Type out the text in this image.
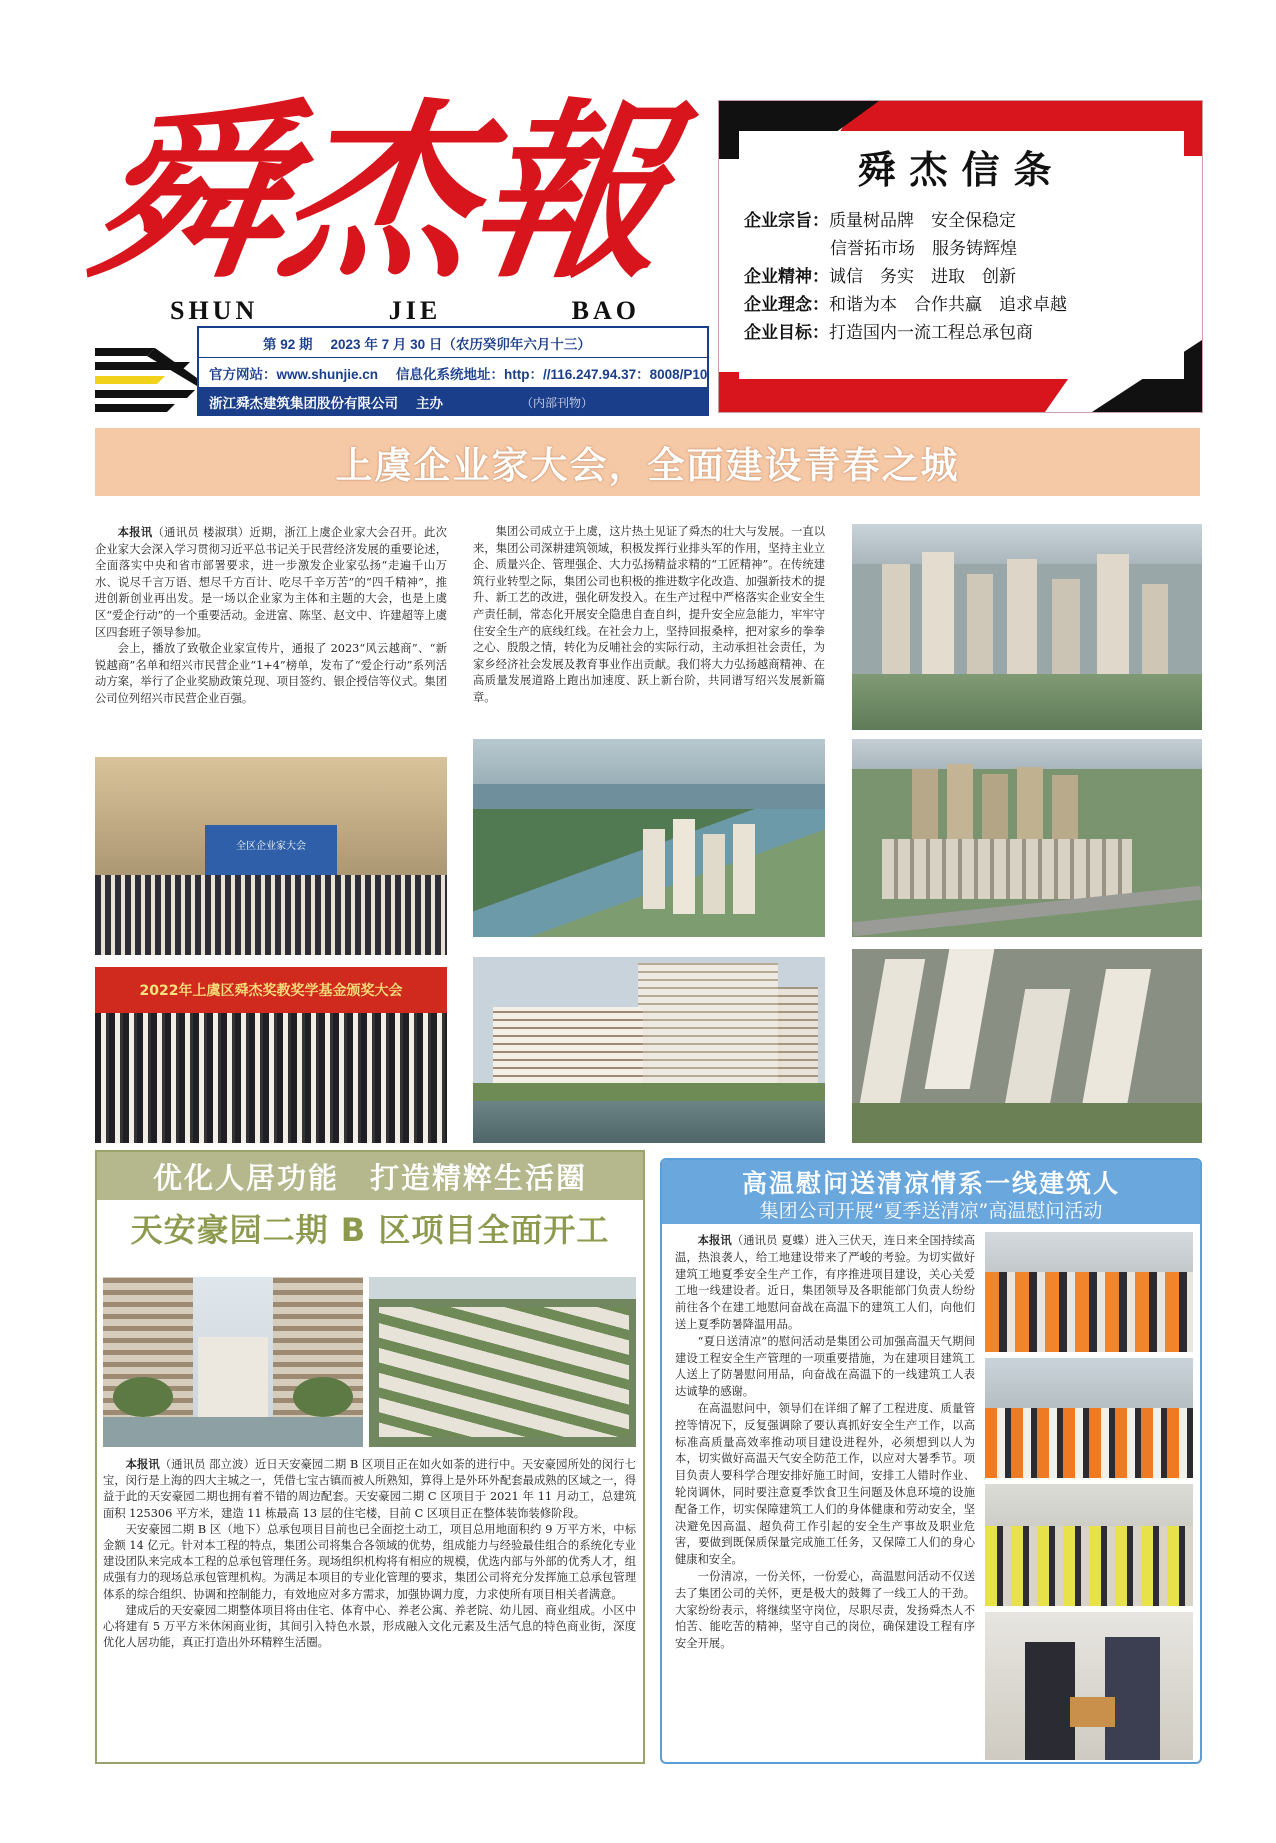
舜
杰
報
SHUN	JIE	BAO
第 92 期 2023 年 7 月 30 日（农历癸卯年六月十三）
官方网站：www.shunjie.cn 信息化系统地址：http：//116.247.94.37：8008/P10
浙江舜杰建筑集团股份有限公司 主办	（内部刊物）
舜杰信条
企业宗旨：质量树品牌　安全保稳定
信誉拓市场　服务铸辉煌
企业精神：诚信　务实　进取　创新
企业理念：和谐为本　合作共赢　追求卓越
企业目标：打造国内一流工程总承包商
上虞企业家大会，全面建设青春之城

本报讯（通讯员 楼淑琪）近期，浙江上虞企业家大会召开。此次企业家大会深入学习贯彻习近平总书记关于民营经济发展的重要论述，全面落实中央和省市部署要求，进一步激发企业家弘扬“走遍千山万水、说尽千言万语、想尽千方百计、吃尽千辛万苦”的“四千精神”，推进创新创业再出发。是一场以企业家为主体和主题的大会，也是上虞区“爱企行动”的一个重要活动。金进富、陈坚、赵文中、许建超等上虞区四套班子领导参加。

会上，播放了致敬企业家宣传片，通报了 2023“风云越商”、“新锐越商”名单和绍兴市民营企业“1+4”榜单，发布了“爱企行动”系列活动方案，举行了企业奖励政策兑现、项目签约、银企授信等仪式。集团公司位列绍兴市民营企业百强。

集团公司成立于上虞，这片热土见证了舜杰的壮大与发展。一直以来，集团公司深耕建筑领域，积极发挥行业排头军的作用，坚持主业立企、质量兴企、管理强企、大力弘扬精益求精的“工匠精神”。在传统建筑行业转型之际，集团公司也积极的推进数字化改造、加强新技术的提升、新工艺的改进，强化研发投入。在生产过程中严格落实企业安全生产责任制，常态化开展安全隐患自查自纠，提升安全应急能力，牢牢守住安全生产的底线红线。在社会力上，坚持回报桑梓，把对家乡的拳拳之心、殷殷之情，转化为反哺社会的实际行动，主动承担社会责任，为家乡经济社会发展及教育事业作出贡献。我们将大力弘扬越商精神、在高质量发展道路上跑出加速度、跃上新台阶，共同谱写绍兴发展新篇章。

全区企业家大会
2022年上虞区舜杰奖教奖学基金颁奖大会
优化人居功能　打造精粹生活圈
天安豪园二期 B 区项目全面开工

本报讯（通讯员 邵立波）近日天安豪园二期 B 区项目正在如火如荼的进行中。天安豪园所处的闵行七宝，闵行是上海的四大主城之一，凭借七宝古镇而被人所熟知，算得上是外环外配套最成熟的区域之一，得益于此的天安豪园二期也拥有着不错的周边配套。天安豪园二期 C 区项目于 2021 年 11 月动工，总建筑面积 125306 平方米，建造 11 栋最高 13 层的住宅楼，目前 C 区项目正在整体装饰装修阶段。

天安豪园二期 B 区（地下）总承包项目目前也已全面挖土动工，项目总用地面积约 9 万平方米，中标金额 14 亿元。针对本工程的特点，集团公司将集合各领域的优势，组成能力与经验最佳组合的系统化专业建设团队来完成本工程的总承包管理任务。现场组织机构将有相应的规模，优选内部与外部的优秀人才，组成强有力的现场总承包管理机构。为满足本项目的专业化管理的要求，集团公司将充分发挥施工总承包管理体系的综合组织、协调和控制能力，有效地应对多方需求，加强协调力度，力求使所有项目相关者满意。

建成后的天安豪园二期整体项目将由住宅、体育中心、养老公寓、养老院、幼儿园、商业组成。小区中心将建有 5 万平方米休闲商业街，其间引入特色水景，形成融入文化元素及生活气息的特色商业街，深度优化人居功能，真正打造出外环精粹生活圈。

高温慰问送清凉情系一线建筑人
集团公司开展“夏季送清凉”高温慰问活动

本报讯（通讯员 夏蝶）进入三伏天，连日来全国持续高温，热浪袭人，给工地建设带来了严峻的考验。为切实做好建筑工地夏季安全生产工作，有序推进项目建设，关心关爱工地一线建设者。近日，集团领导及各职能部门负责人纷纷前往各个在建工地慰问奋战在高温下的建筑工人们，向他们送上夏季防暑降温用品。

“夏日送清凉”的慰问活动是集团公司加强高温天气期间建设工程安全生产管理的一项重要措施，为在建项目建筑工人送上了防暑慰问用品，向奋战在高温下的一线建筑工人表达诚挚的感谢。

在高温慰问中，领导们在详细了解了工程进度、质量管控等情况下，反复强调除了要认真抓好安全生产工作，以高标准高质量高效率推动项目建设进程外，必须想到以人为本，切实做好高温天气安全防范工作，以应对大暑季节。项目负责人要科学合理安排好施工时间，安排工人错时作业、轮岗调休，同时要注意夏季饮食卫生问题及休息环境的设施配备工作，切实保障建筑工人们的身体健康和劳动安全，坚决避免因高温、超负荷工作引起的安全生产事故及职业危害，要做到既保质保量完成施工任务，又保障工人们的身心健康和安全。

一份清凉，一份关怀，一份爱心，高温慰问活动不仅送去了集团公司的关怀，更是极大的鼓舞了一线工人的干劲。大家纷纷表示，将继续坚守岗位，尽职尽责，发扬舜杰人不怕苦、能吃苦的精神，坚守自己的岗位，确保建设工程有序安全开展。
